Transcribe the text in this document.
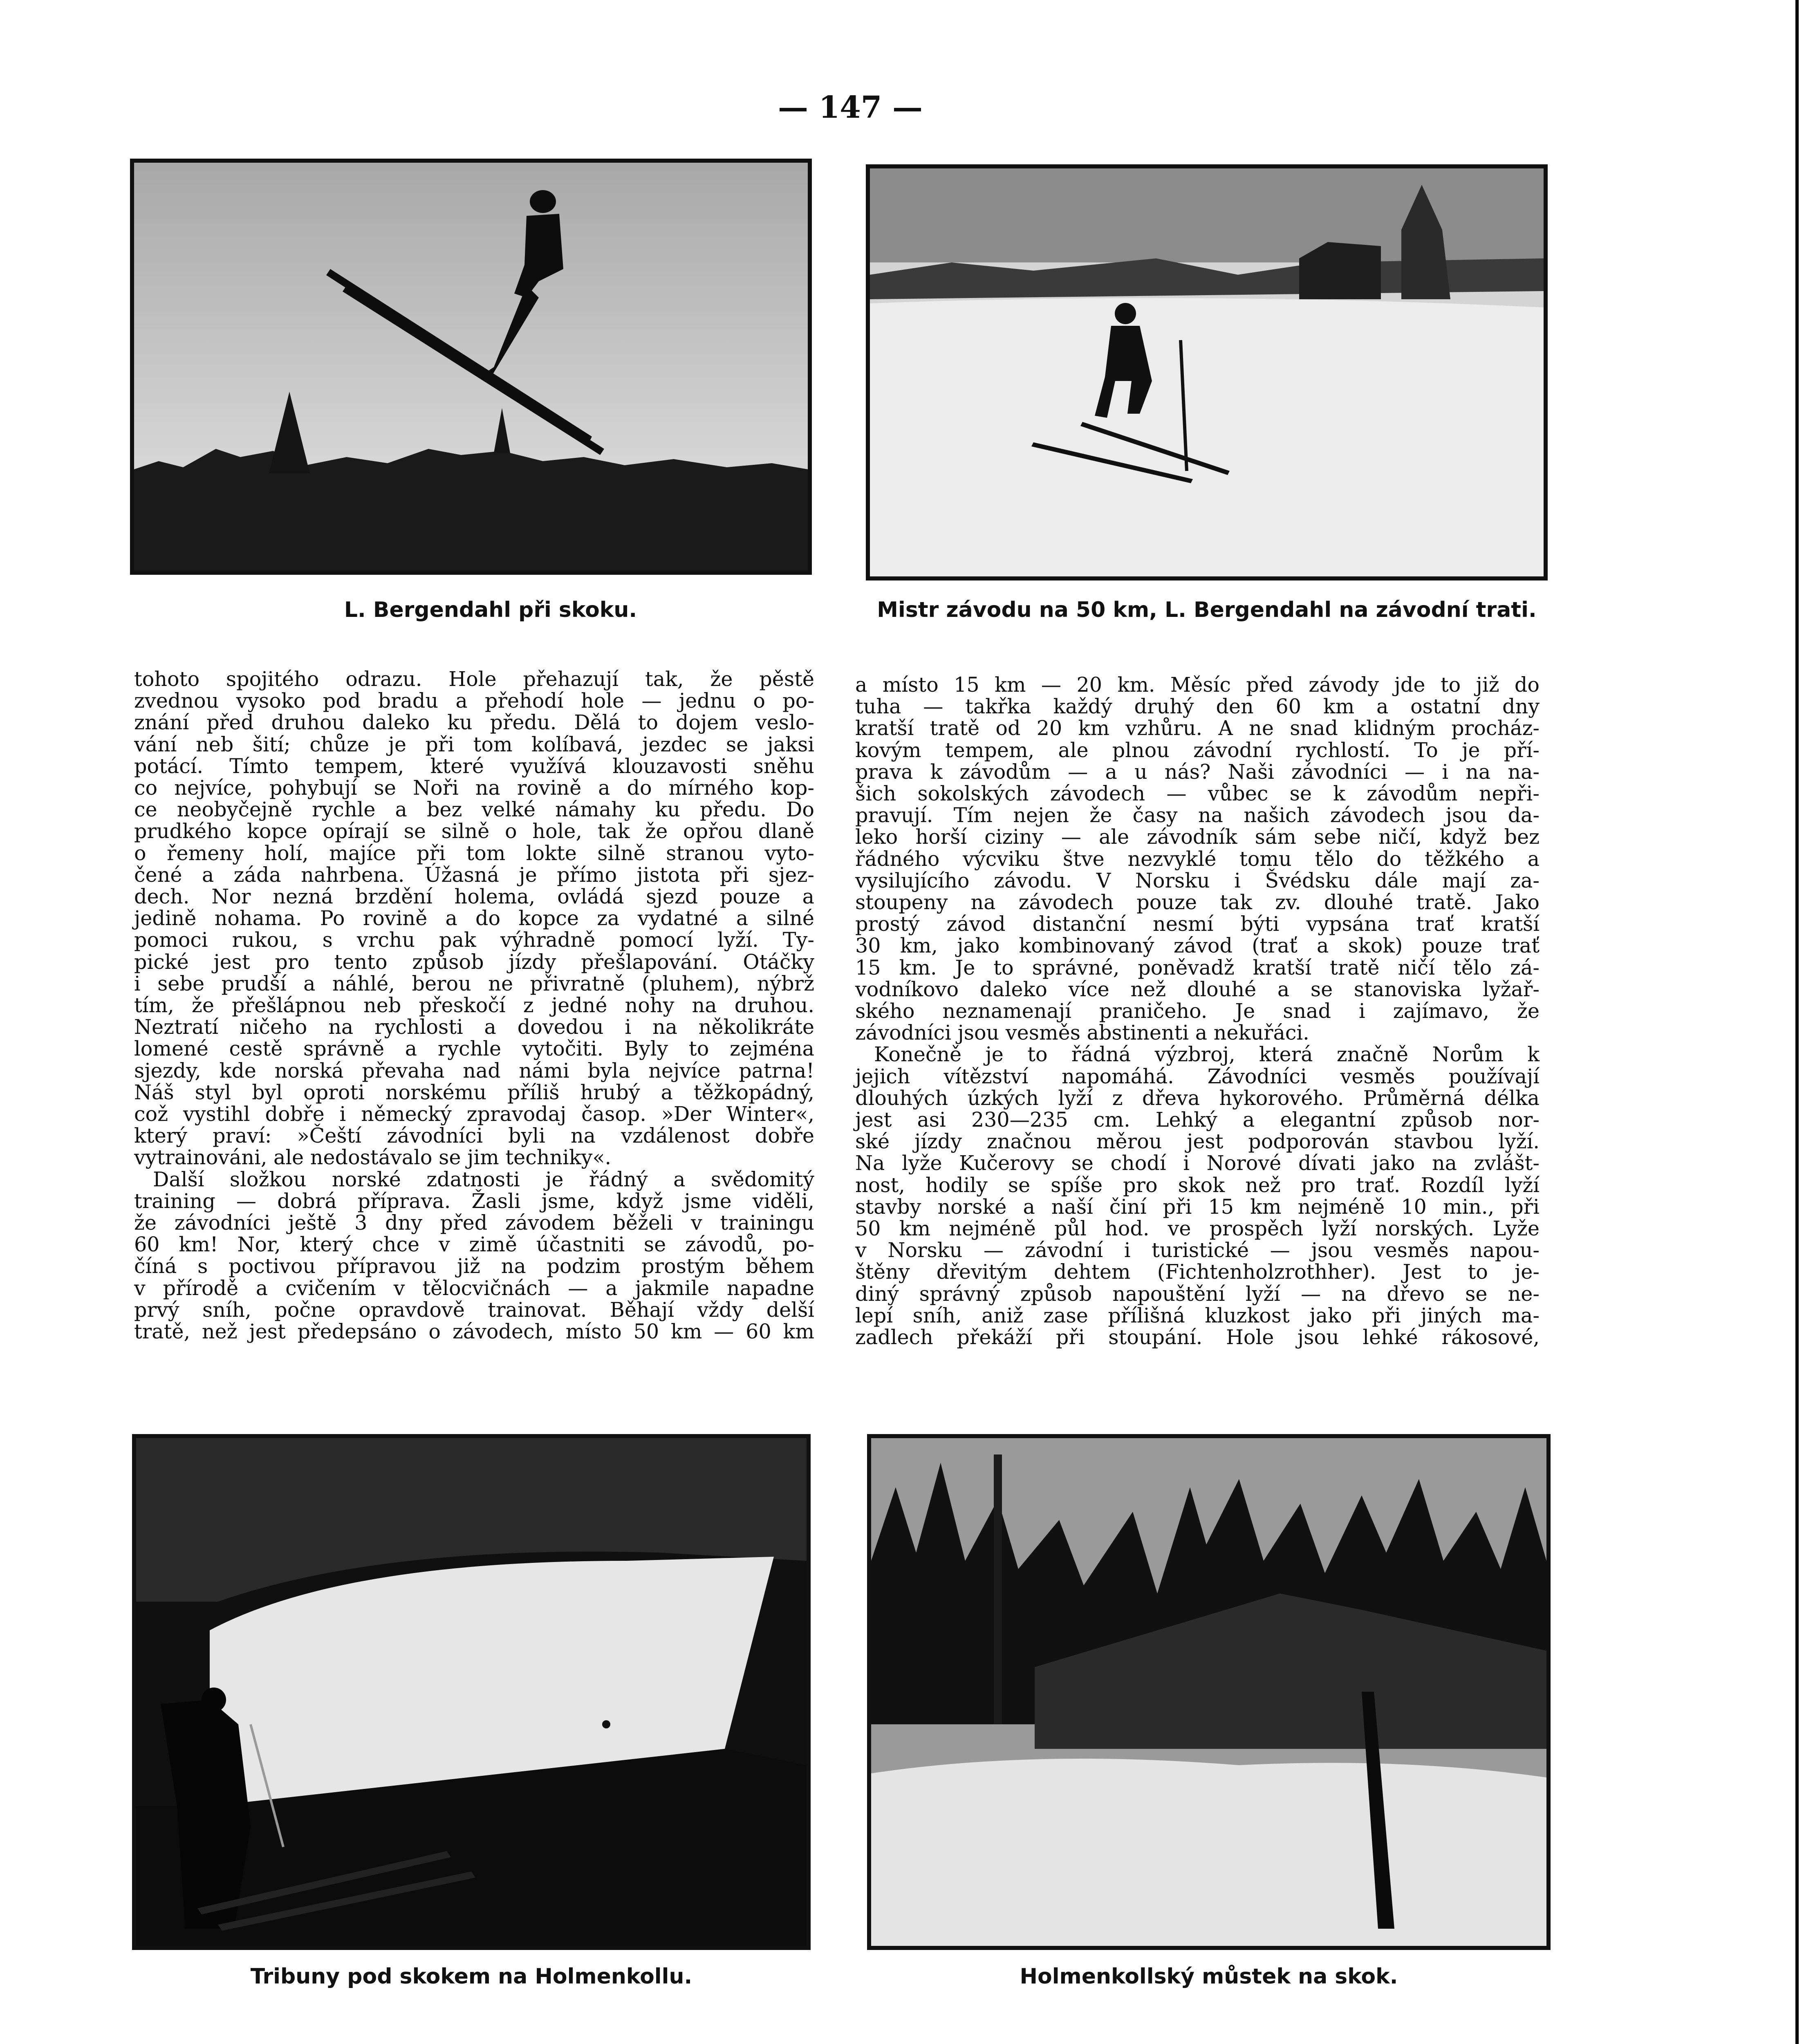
— 147 —
L. Bergendahl při skoku.	Mistr závodu na 50 km, L. Bergendahl na závodní trati.

tohoto spojitého odrazu. Hole přehazují tak, že pěstě

zvednou vysoko pod bradu a přehodí hole — jednu o po-

znání před druhou daleko ku předu. Dělá to dojem veslo-

vání neb šití; chůze je při tom kolíbavá, jezdec se jaksi

potácí. Tímto tempem, které využívá klouzavosti sněhu

co nejvíce, pohybují se Noři na rovině a do mírného kop-

ce neobyčejně rychle a bez velké námahy ku předu. Do

prudkého kopce opírají se silně o hole, tak že opřou dlaně

o řemeny holí, majíce při tom lokte silně stranou vyto-

čené a záda nahrbena. Úžasná je přímo jistota při sjez-

dech. Nor nezná brzdění holema, ovládá sjezd pouze a

jedině nohama. Po rovině a do kopce za vydatné a silné

pomoci rukou, s vrchu pak výhradně pomocí lyží. Ty-

pické jest pro tento způsob jízdy přešlapování. Otáčky

i sebe prudší a náhlé, berou ne přivratně (pluhem), nýbrž

tím, že přešlápnou neb přeskočí z jedné nohy na druhou.

Neztratí ničeho na rychlosti a dovedou i na několikráte

lomené cestě správně a rychle vytočiti. Byly to zejména

sjezdy, kde norská převaha nad námi byla nejvíce patrna!

Náš styl byl oproti norskému příliš hrubý a těžkopádný,

což vystihl dobře i německý zpravodaj časop. »Der Winter«,

který praví: »Čeští závodníci byli na vzdálenost dobře

vytrainováni, ale nedostávalo se jim techniky«.

Další složkou norské zdatnosti je řádný a svědomitý

training — dobrá příprava. Žasli jsme, když jsme viděli,

že závodníci ještě 3 dny před závodem běželi v trainingu

60 km! Nor, který chce v zimě účastniti se závodů, po-

číná s poctivou přípravou již na podzim prostým během

v přírodě a cvičením v tělocvičnách — a jakmile napadne

prvý sníh, počne opravdově trainovat. Běhají vždy delší

tratě, než jest předepsáno o závodech, místo 50 km — 60 km

a místo 15 km — 20 km. Měsíc před závody jde to již do

tuha — takřka každý druhý den 60 km a ostatní dny

kratší tratě od 20 km vzhůru. A ne snad klidným procház-

kovým tempem, ale plnou závodní rychlostí. To je pří-

prava k závodům — a u nás? Naši závodníci — i na na-

šich sokolských závodech — vůbec se k závodům nepři-

pravují. Tím nejen že časy na našich závodech jsou da-

leko horší ciziny — ale závodník sám sebe ničí, když bez

řádného výcviku štve nezvyklé tomu tělo do těžkého a

vysilujícího závodu. V Norsku i Švédsku dále mají za-

stoupeny na závodech pouze tak zv. dlouhé tratě. Jako

prostý závod distanční nesmí býti vypsána trať kratší

30 km, jako kombinovaný závod (trať a skok) pouze trať

15 km. Je to správné, poněvadž kratší tratě ničí tělo zá-

vodníkovo daleko více než dlouhé a se stanoviska lyžař-

ského neznamenají praničeho. Je snad i zajímavo, že

závodníci jsou vesměs abstinenti a nekuřáci.

Konečně je to řádná výzbroj, která značně Norům k

jejich vítězství napomáhá. Závodníci vesměs používají

dlouhých úzkých lyží z dřeva hykorového. Průměrná délka

jest asi 230—235 cm. Lehký a elegantní způsob nor-

ské jízdy značnou měrou jest podporován stavbou lyží.

Na lyže Kučerovy se chodí i Norové dívati jako na zvlášt-

nost, hodily se spíše pro skok než pro trať. Rozdíl lyží

stavby norské a naší činí při 15 km nejméně 10 min., při

50 km nejméně půl hod. ve prospěch lyží norských. Lyže

v Norsku — závodní i turistické — jsou vesměs napou-

štěny dřevitým dehtem (Fichtenholzrothher). Jest to je-

diný správný způsob napouštění lyží — na dřevo se ne-

lepí sníh, aniž zase přílišná kluzkost jako při jiných ma-

zadlech překáží při stoupání. Hole jsou lehké rákosové,

Tribuny pod skokem na Holmenkollu.	Holmenkollský můstek na skok.
